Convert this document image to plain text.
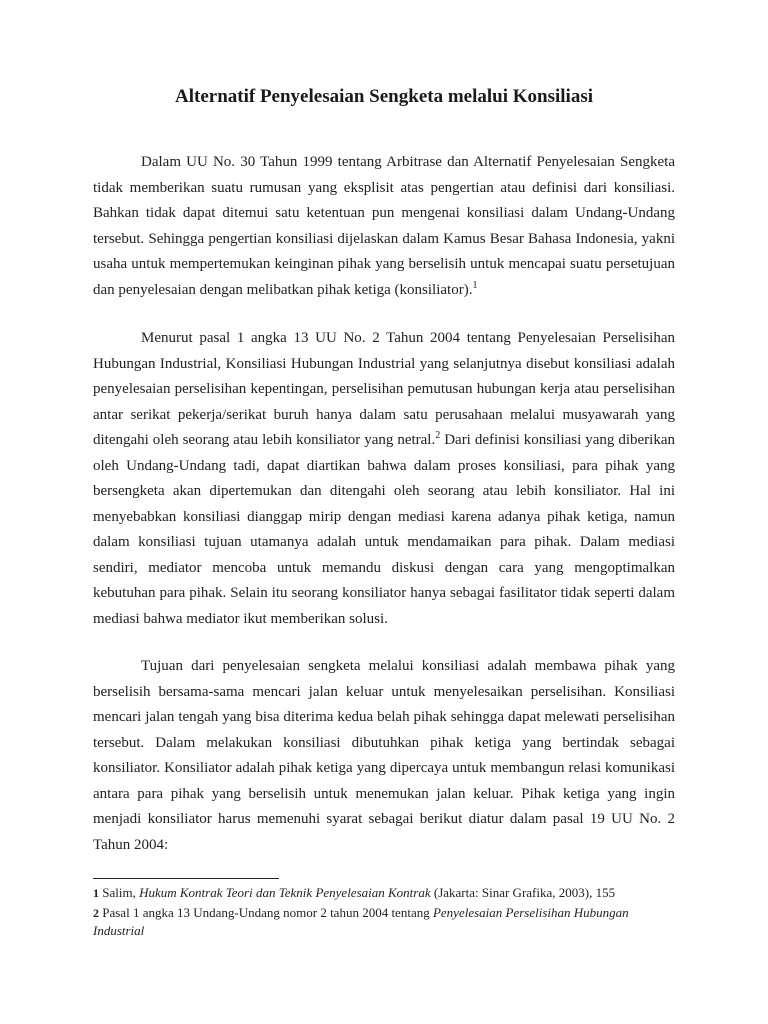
Alternatif Penyelesaian Sengketa melalui Konsiliasi

Dalam UU No. 30 Tahun 1999 tentang Arbitrase dan Alternatif Penyelesaian Sengketa tidak memberikan suatu rumusan yang eksplisit atas pengertian atau definisi dari konsiliasi. Bahkan tidak dapat ditemui satu ketentuan pun mengenai konsiliasi dalam Undang-Undang tersebut. Sehingga pengertian konsiliasi dijelaskan dalam Kamus Besar Bahasa Indonesia, yakni usaha untuk mempertemukan keinginan pihak yang berselisih untuk mencapai suatu persetujuan dan penyelesaian dengan melibatkan pihak ketiga (konsiliator).$^1$

Menurut pasal 1 angka 13 UU No. 2 Tahun 2004 tentang Penyelesaian Perselisihan Hubungan Industrial, Konsiliasi Hubungan Industrial yang selanjutnya disebut konsiliasi adalah penyelesaian perselisihan kepentingan, perselisihan pemutusan hubungan kerja atau perselisihan antar serikat pekerja/serikat buruh hanya dalam satu perusahaan melalui musyawarah yang ditengahi oleh seorang atau lebih konsiliator yang netral.$^2$ Dari definisi konsiliasi yang diberikan oleh Undang-Undang tadi, dapat diartikan bahwa dalam proses konsiliasi, para pihak yang bersengketa akan dipertemukan dan ditengahi oleh seorang atau lebih konsiliator. Hal ini menyebabkan konsiliasi dianggap mirip dengan mediasi karena adanya pihak ketiga, namun dalam konsiliasi tujuan utamanya adalah untuk mendamaikan para pihak. Dalam mediasi sendiri, mediator mencoba untuk memandu diskusi dengan cara yang mengoptimalkan kebutuhan para pihak. Selain itu seorang konsiliator hanya sebagai fasilitator tidak seperti dalam mediasi bahwa mediator ikut memberikan solusi.

Tujuan dari penyelesaian sengketa melalui konsiliasi adalah membawa pihak yang berselisih bersama-sama mencari jalan keluar untuk menyelesaikan perselisihan. Konsiliasi mencari jalan tengah yang bisa diterima kedua belah pihak sehingga dapat melewati perselisihan tersebut. Dalam melakukan konsiliasi dibutuhkan pihak ketiga yang bertindak sebagai konsiliator. Konsiliator adalah pihak ketiga yang dipercaya untuk membangun relasi komunikasi antara para pihak yang berselisih untuk menemukan jalan keluar. Pihak ketiga yang ingin menjadi konsiliator harus memenuhi syarat sebagai berikut diatur dalam pasal 19 UU No. 2 Tahun 2004:

1 Salim, Hukum Kontrak Teori dan Teknik Penyelesaian Kontrak (Jakarta: Sinar Grafika, 2003), 155

2 Pasal 1 angka 13 Undang-Undang nomor 2 tahun 2004 tentang Penyelesaian Perselisihan Hubungan Industrial
